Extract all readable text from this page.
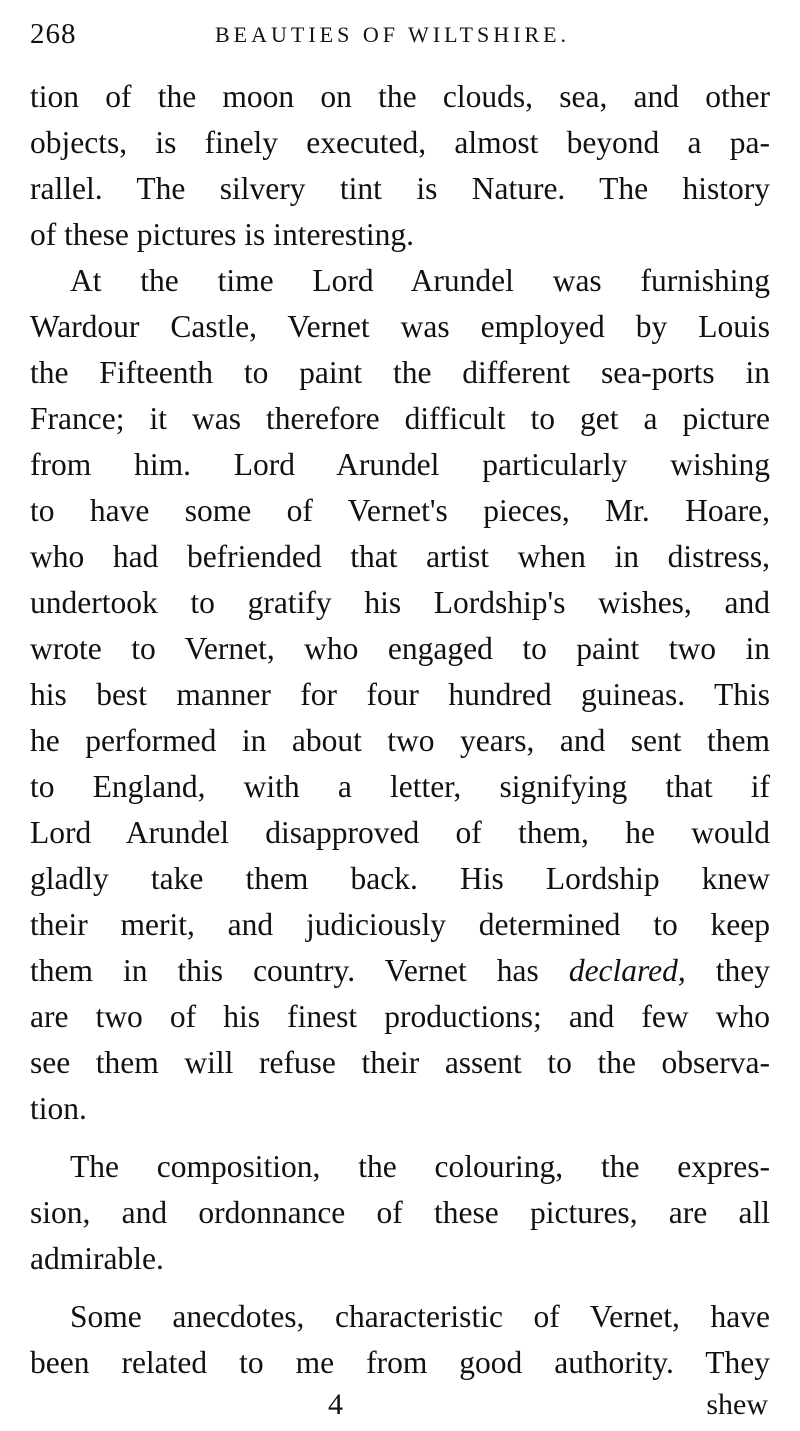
268	BEAUTIES OF WILTSHIRE.
tion of the moon on the clouds, sea, and other
objects, is finely executed, almost beyond a pa-
rallel. The silvery tint is Nature. The history
of these pictures is interesting.
At the time Lord Arundel was furnishing
Wardour Castle, Vernet was employed by Louis
the Fifteenth to paint the different sea-ports in
France; it was therefore difficult to get a picture
from him. Lord Arundel particularly wishing
to have some of Vernet's pieces, Mr. Hoare,
who had befriended that artist when in distress,
undertook to gratify his Lordship's wishes, and
wrote to Vernet, who engaged to paint two in
his best manner for four hundred guineas. This
he performed in about two years, and sent them
to England, with a letter, signifying that if
Lord Arundel disapproved of them, he would
gladly take them back. His Lordship knew
their merit, and judiciously determined to keep
them in this country. Vernet has declared, they
are two of his finest productions; and few who
see them will refuse their assent to the observa-
tion.
The composition, the colouring, the expres-
sion, and ordonnance of these pictures, are all
admirable.
Some anecdotes, characteristic of Vernet, have
been related to me from good authority. They
4	shew
